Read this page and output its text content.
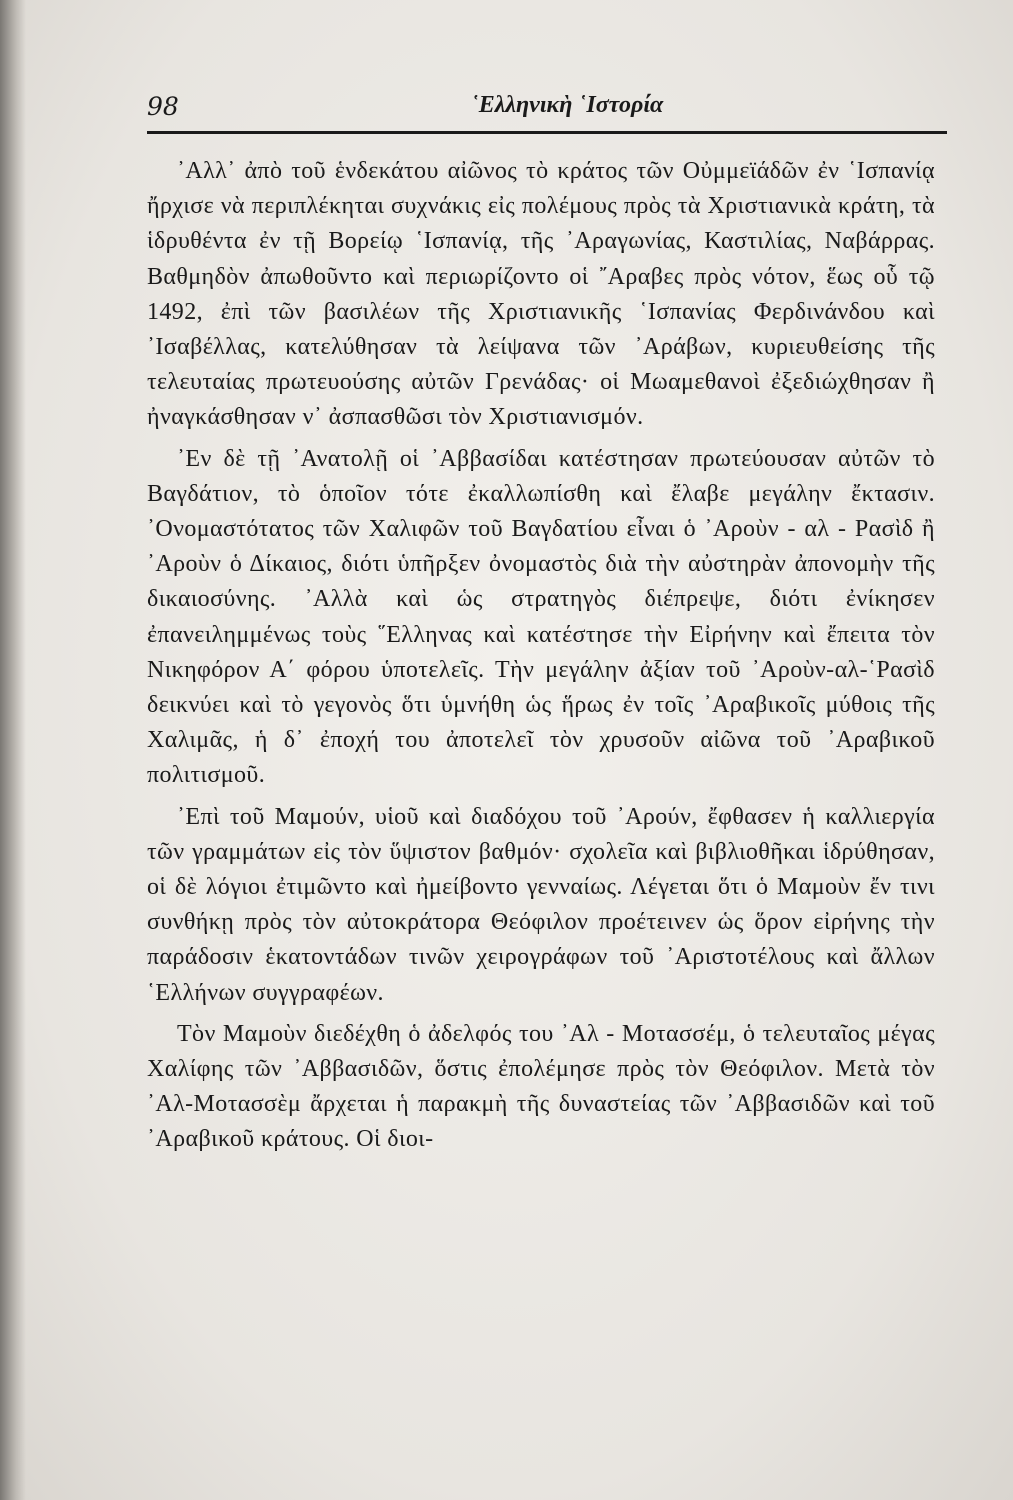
98	῾Ελληνικὴ ῾Ιστορία

᾿Αλλ᾿ ἀπὸ τοῦ ἑνδεκάτου αἰῶνος τὸ κράτος τῶν Οὐμμεϊάδῶν ἐν ῾Ισπανίᾳ ἤρχισε νὰ περιπλέκηται συχνάκις εἰς πολέμους πρὸς τὰ Χριστιανικὰ κράτη, τὰ ἱδρυθέντα ἐν τῇ Βορείῳ ῾Ισπανίᾳ, τῆς ᾿Αραγωνίας, Καστιλίας, Ναβάρρας. Βαθμηδὸν ἀπωθοῦντο καὶ περιωρίζοντο οἱ ῎Αραβες πρὸς νότον, ἕως οὗ τῷ 1492, ἐπὶ τῶν βασιλέων τῆς Χριστιανικῆς ῾Ισπανίας Φερδινάνδου καὶ ᾿Ισαβέλλας, κατελύθησαν τὰ λείψανα τῶν ᾿Αράβων, κυριευθείσης τῆς τελευταίας πρωτευούσης αὐτῶν Γρενάδας· οἱ Μωαμεθανοὶ ἐξεδιώχθησαν ἢ ἠναγκάσθησαν ν᾿ ἀσπασθῶσι τὸν Χριστιανισμόν.

᾿Εν δὲ τῇ ᾿Ανατολῇ οἱ ᾿Αββασίδαι κατέστησαν πρωτεύουσαν αὐτῶν τὸ Βαγδάτιον, τὸ ὁποῖον τότε ἐκαλλωπίσθη καὶ ἔλαβε μεγάλην ἔκτασιν. ᾿Ονομαστότατος τῶν Χαλιφῶν τοῦ Βαγδατίου εἶναι ὁ ᾿Αροὺν - αλ - Ρασὶδ ἢ ᾿Αροὺν ὁ Δίκαιος, διότι ὑπῆρξεν ὀνομαστὸς διὰ τὴν αὐστηρὰν ἀπονομὴν τῆς δικαιοσύνης. ᾿Αλλὰ καὶ ὡς στρατηγὸς διέπρεψε, διότι ἐνίκησεν ἐπανειλημμένως τοὺς ῞Ελληνας καὶ κατέστησε τὴν Εἰρήνην καὶ ἔπειτα τὸν Νικηφόρον Α΄ φόρου ὑποτελεῖς. Τὴν μεγάλην ἀξίαν τοῦ ᾿Αροὺν-αλ-῾Ρασὶδ δεικνύει καὶ τὸ γεγονὸς ὅτι ὑμνήθη ὡς ἥρως ἐν τοῖς ᾿Αραβικοῖς μύθοις τῆς Χαλιμᾶς, ἡ δ᾿ ἐποχή του ἀποτελεῖ τὸν χρυσοῦν αἰῶνα τοῦ ᾿Αραβικοῦ πολιτισμοῦ.

᾿Επὶ τοῦ Μαμούν, υἱοῦ καὶ διαδόχου τοῦ ᾿Αρούν, ἔφθασεν ἡ καλλιεργία τῶν γραμμάτων εἰς τὸν ὕψιστον βαθμόν· σχολεῖα καὶ βιβλιοθῆκαι ἱδρύθησαν, οἱ δὲ λόγιοι ἐτιμῶντο καὶ ἠμείβοντο γενναίως. Λέγεται ὅτι ὁ Μαμοὺν ἔν τινι συνθήκῃ πρὸς τὸν αὐτοκράτορα Θεόφιλον προέτεινεν ὡς ὅρον εἰρήνης τὴν παράδοσιν ἑκατοντάδων τινῶν χειρογράφων τοῦ ᾿Αριστοτέλους καὶ ἄλλων ῾Ελλήνων συγγραφέων.

Τὸν Μαμοὺν διεδέχθη ὁ ἀδελφός του ᾿Αλ - Μοτασσέμ, ὁ τελευταῖος μέγας Χαλίφης τῶν ᾿Αββασιδῶν, ὅστις ἐπολέμησε πρὸς τὸν Θεόφιλον. Μετὰ τὸν ᾿Αλ-Μοτασσὲμ ἄρχεται ἡ παρακμὴ τῆς δυναστείας τῶν ᾿Αββασιδῶν καὶ τοῦ ᾿Αραβικοῦ κράτους. Οἱ διοι-
